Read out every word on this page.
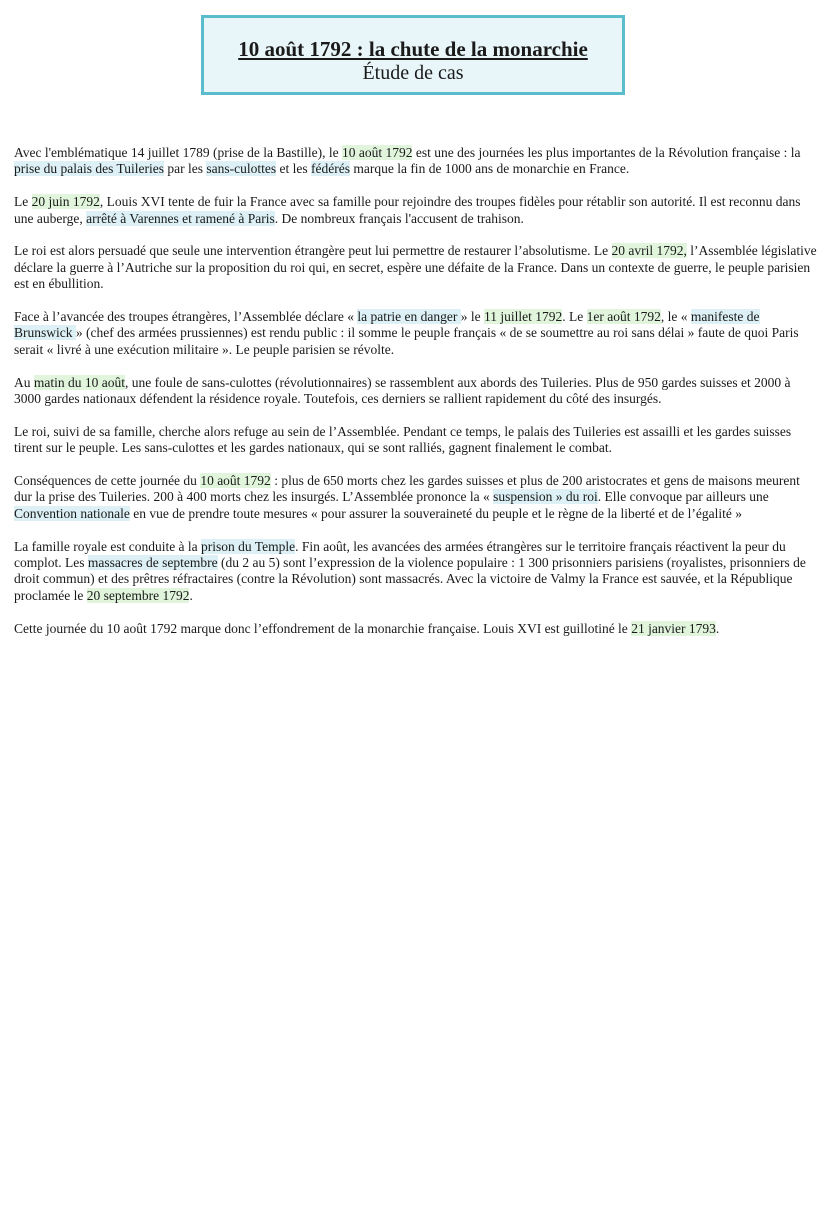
10 août 1792 : la chute de la monarchie
Étude de cas

Avec l'emblématique 14 juillet 1789 (prise de la Bastille), le 10 août 1792 est une des journées les plus importantes de la Révolution française : la prise du palais des Tuileries par les sans-culottes et les fédérés marque la fin de 1000 ans de monarchie en France.

Le 20 juin 1792, Louis XVI tente de fuir la France avec sa famille pour rejoindre des troupes fidèles pour rétablir son autorité. Il est reconnu dans une auberge, arrêté à Varennes et ramené à Paris. De nombreux français l'accusent de trahison.

Le roi est alors persuadé que seule une intervention étrangère peut lui permettre de restaurer l’absolutisme. Le 20 avril 1792, l’Assemblée législative déclare la guerre à l’Autriche sur la proposition du roi qui, en secret, espère une défaite de la France. Dans un contexte de guerre, le peuple parisien est en ébullition.

Face à l’avancée des troupes étrangères, l’Assemblée déclare « la patrie en danger » le 11 juillet 1792. Le 1er août 1792, le « manifeste de Brunswick » (chef des armées prussiennes) est rendu public : il somme le peuple français « de se soumettre au roi sans délai » faute de quoi Paris serait « livré à une exécution militaire ». Le peuple parisien se révolte.

Au matin du 10 août, une foule de sans-culottes (révolutionnaires) se rassemblent aux abords des Tuileries. Plus de 950 gardes suisses et 2000 à 3000 gardes nationaux défendent la résidence royale. Toutefois, ces derniers se rallient rapidement du côté des insurgés.

Le roi, suivi de sa famille, cherche alors refuge au sein de l’Assemblée. Pendant ce temps, le palais des Tuileries est assailli et les gardes suisses tirent sur le peuple. Les sans-culottes et les gardes nationaux, qui se sont ralliés, gagnent finalement le combat.

Conséquences de cette journée du 10 août 1792 : plus de 650 morts chez les gardes suisses et plus de 200 aristocrates et gens de maisons meurent dur la prise des Tuileries. 200 à 400 morts chez les insurgés. L’Assemblée prononce la « suspension » du roi. Elle convoque par ailleurs une Convention nationale en vue de prendre toute mesures « pour assurer la souveraineté du peuple et le règne de la liberté et de l’égalité »

La famille royale est conduite à la prison du Temple. Fin août, les avancées des armées étrangères sur le territoire français réactivent la peur du complot. Les massacres de septembre (du 2 au 5) sont l’expression de la violence populaire : 1 300 prisonniers parisiens (royalistes, prisonniers de droit commun) et des prêtres réfractaires (contre la Révolution) sont massacrés. Avec la victoire de Valmy la France est sauvée, et la République proclamée le 20 septembre 1792.

Cette journée du 10 août 1792 marque donc l’effondrement de la monarchie française. Louis XVI est guillotiné le 21 janvier 1793.
